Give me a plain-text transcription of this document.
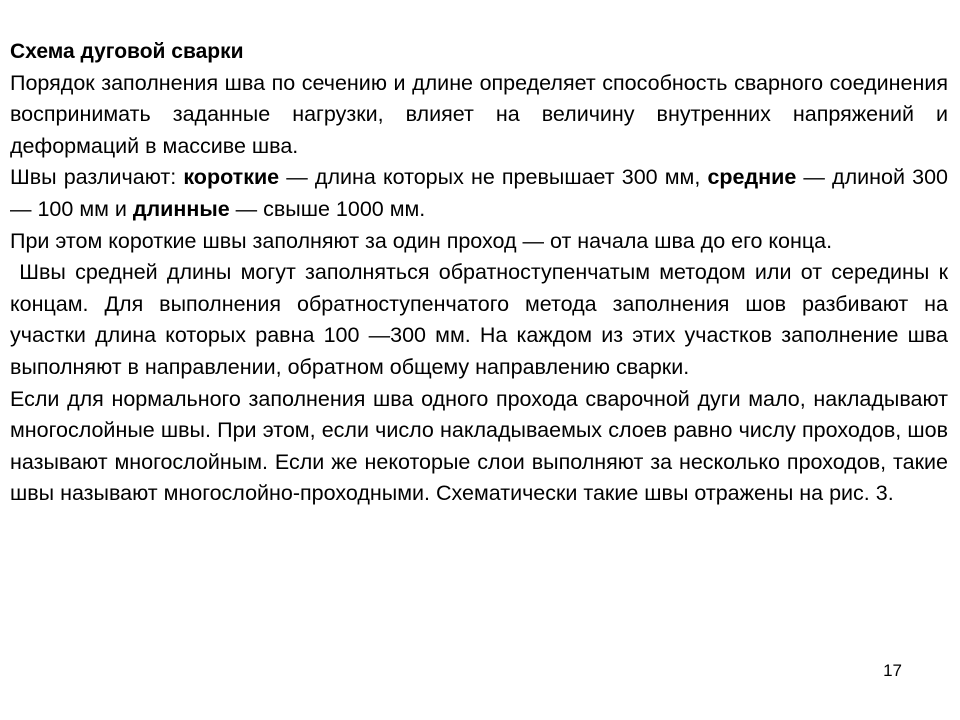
Схема дуговой сварки

Порядок заполнения шва по сечению и длине определяет способность сварного соединения воспринимать заданные нагрузки, влияет на величину внутренних напряжений и деформаций в массиве шва.

Швы различают: короткие — длина которых не превышает 300 мм, средние — длиной 300 — 100 мм и длинные — свыше 1000 мм.

При этом короткие швы заполняют за один проход — от начала шва до его конца.

Швы средней длины могут заполняться обратноступенчатым методом или от середины к концам. Для выполнения обратноступенчатого метода заполнения шов разбивают на участки длина которых равна 100 —300 мм. На каждом из этих участков заполнение шва выполняют в направлении, обратном общему направлению сварки.

Если для нормального заполнения шва одного прохода сварочной дуги мало, накладывают многослойные швы. При этом, если число накладываемых слоев равно числу проходов, шов называют многослойным. Если же некоторые слои выполняют за несколько проходов, такие швы называют многослойно-проходными. Схематически такие швы отражены на рис. 3.

17
